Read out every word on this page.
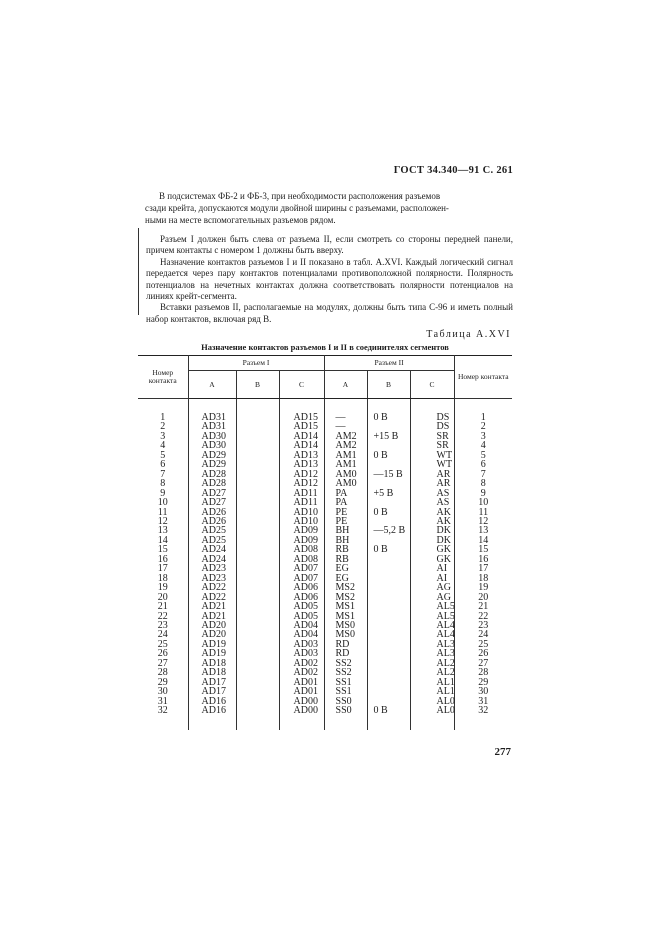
ГОСТ 34.340—91 С. 261
В подсистемах ФБ-2 и ФБ-3, при необходимости расположения разъемов
сзади крейта, допускаются модули двойной ширины с разъемами, расположен-
ными на месте вспомогательных разъемов рядом.

Разъем I должен быть слева от разъема II, если смотреть со стороны передней панели, причем контакты с номером 1 должны быть вверху.

Назначение контактов разъемов I и II показано в табл. А.XVI. Каждый логический сигнал передается через пару контактов потенциалами противоположной полярности. Полярность потенциалов на нечетных контактах должна соответствовать полярности потенциалов на линиях крейт-сегмента.

Вставки разъемов II, располагаемые на модулях, должны быть типа С-96 и иметь полный набор контактов, включая ряд В.

Таблица А.XVI
Назначение контактов разъемов I и II в соединителях сегментов
Номер контакта	Разъем I			Разъем II			Номер контакта
	А	В	С	А	В	С	

1	AD31		AD15	—	0 В	DS	1
2	AD31		AD15	—		DS	2
3	AD30		AD14	AM2	+15 В	SR	3
4	AD30		AD14	AM2		SR	4
5	AD29		AD13	AM1	0 В	WT	5
6	AD29		AD13	AM1		WT	6
7	AD28		AD12	AM0	—15 В	AR	7
8	AD28		AD12	AM0		AR	8
9	AD27		AD11	PA	+5 В	AS	9
10	AD27		AD11	PA		AS	10
11	AD26		AD10	PE	0 В	AK	11
12	AD26		AD10	PE		AK	12
13	AD25		AD09	BH	—5,2 В	DK	13
14	AD25		AD09	BH		DK	14
15	AD24		AD08	RB	0 В	GK	15
16	AD24		AD08	RB		GK	16
17	AD23		AD07	EG		AI	17
18	AD23		AD07	EG		AI	18
19	AD22		AD06	MS2		AG	19
20	AD22		AD06	MS2		AG	20
21	AD21		AD05	MS1		AL5	21
22	AD21		AD05	MS1		AL5	22
23	AD20		AD04	MS0		AL4	23
24	AD20		AD04	MS0		AL4	24
25	AD19		AD03	RD		AL3	25
26	AD19		AD03	RD		AL3	26
27	AD18		AD02	SS2		AL2	27
28	AD18		AD02	SS2		AL2	28
29	AD17		AD01	SS1		AL1	29
30	AD17		AD01	SS1		AL1	30
31	AD16		AD00	SS0		AL0	31
32	AD16		AD00	SS0	0 В	AL0	32

277
